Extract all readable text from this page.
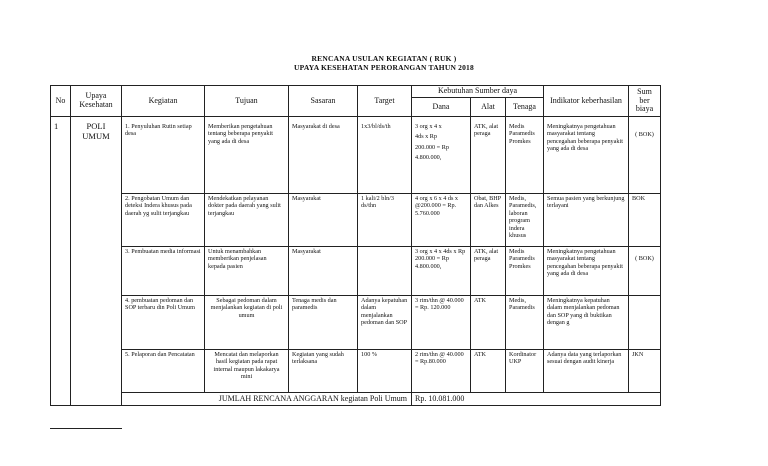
RENCANA USULAN KEGIATAN ( RUK )
UPAYA KESEHATAN PERORANGAN TAHUN 2018
No	Upaya Kesehatan	Kegiatan	Tujuan	Sasaran	Target	Kebutuhan Sumber daya			Indikator keberhasilan	Sum ber biaya
						Dana	Alat	Tenaga		
1	POLI UMUM	1. Penyuluhan Rutin setiap desa	Memberikan pengetahuan tentang beberapa penyakit yang ada di desa	Masyarakat di desa	1x3/bl/ds/th	3 org x 4 x
4ds x Rp
200.000 = Rp
4.800.000,	ATK, alat peraga	Medis Paramedis Promkes	Meningkatnya pengetahuan masyarakat tentang pencegahan beberapa penyakit yang ada di desa	( BOK)
		2. Pengobatan Umum dan deteksi Indera khusus pada daerah yg sulit terjangkau	Mendekatkan pelayanan dokter pada daerah yang sulit terjangkau	Masyarakat	1 kali/2 bln/3 ds/thn	4 org x 6 x 4 ds x @200.000 = Rp. 5.760.000	Obat, BHP dan Alkes	Medis, Paramedis, laboran program indera khusus	Semua pasien yang berkunjung terlayani	BOK
		3. Pembuatan media informasi	Untuk menambahkan memberikan penjelasan kepada pasien	Masyarakat		3 org x 4 x 4ds x Rp 200.000 = Rp 4.800.000,	ATK, alat peraga	Medis Paramedis Promkes	Meningkatnya pengetahuan masyarakat tentang pencegahan beberapa penyakit yang ada di desa	( BOK)
		4. pembuatan pedoman dan SOP terbaru din Poli Umum	Sebagai pedoman dalam menjalankan kegiatan di poli umum	Tenaga medis dan paramedis	Adanya kepatuhan dalam menjalankan pedoman dan SOP	3 rim/thn @ 40.000 = Rp. 120.000	ATK	Medis, Paramedis	Meningkatnya kepatuhan dalam menjalankan pedoman dan SOP yang di buktikan dengan g	
		5. Pelaporan dan Pencatatan	Mencatat dan melaporkan hasil kegiatan pada rapat internal maupun lakakarya mini	Kegiatan yang sudah terlaksana	100 %	2 rim/thn @ 40.000 = Rp.80.000	ATK	Kordinator UKP	Adanya data yang terlaporkan sesuai dengan audit kinerja	JKN
		JUMLAH RENCANA ANGGARAN kegiatan Poli Umum				Rp. 10.081.000				
